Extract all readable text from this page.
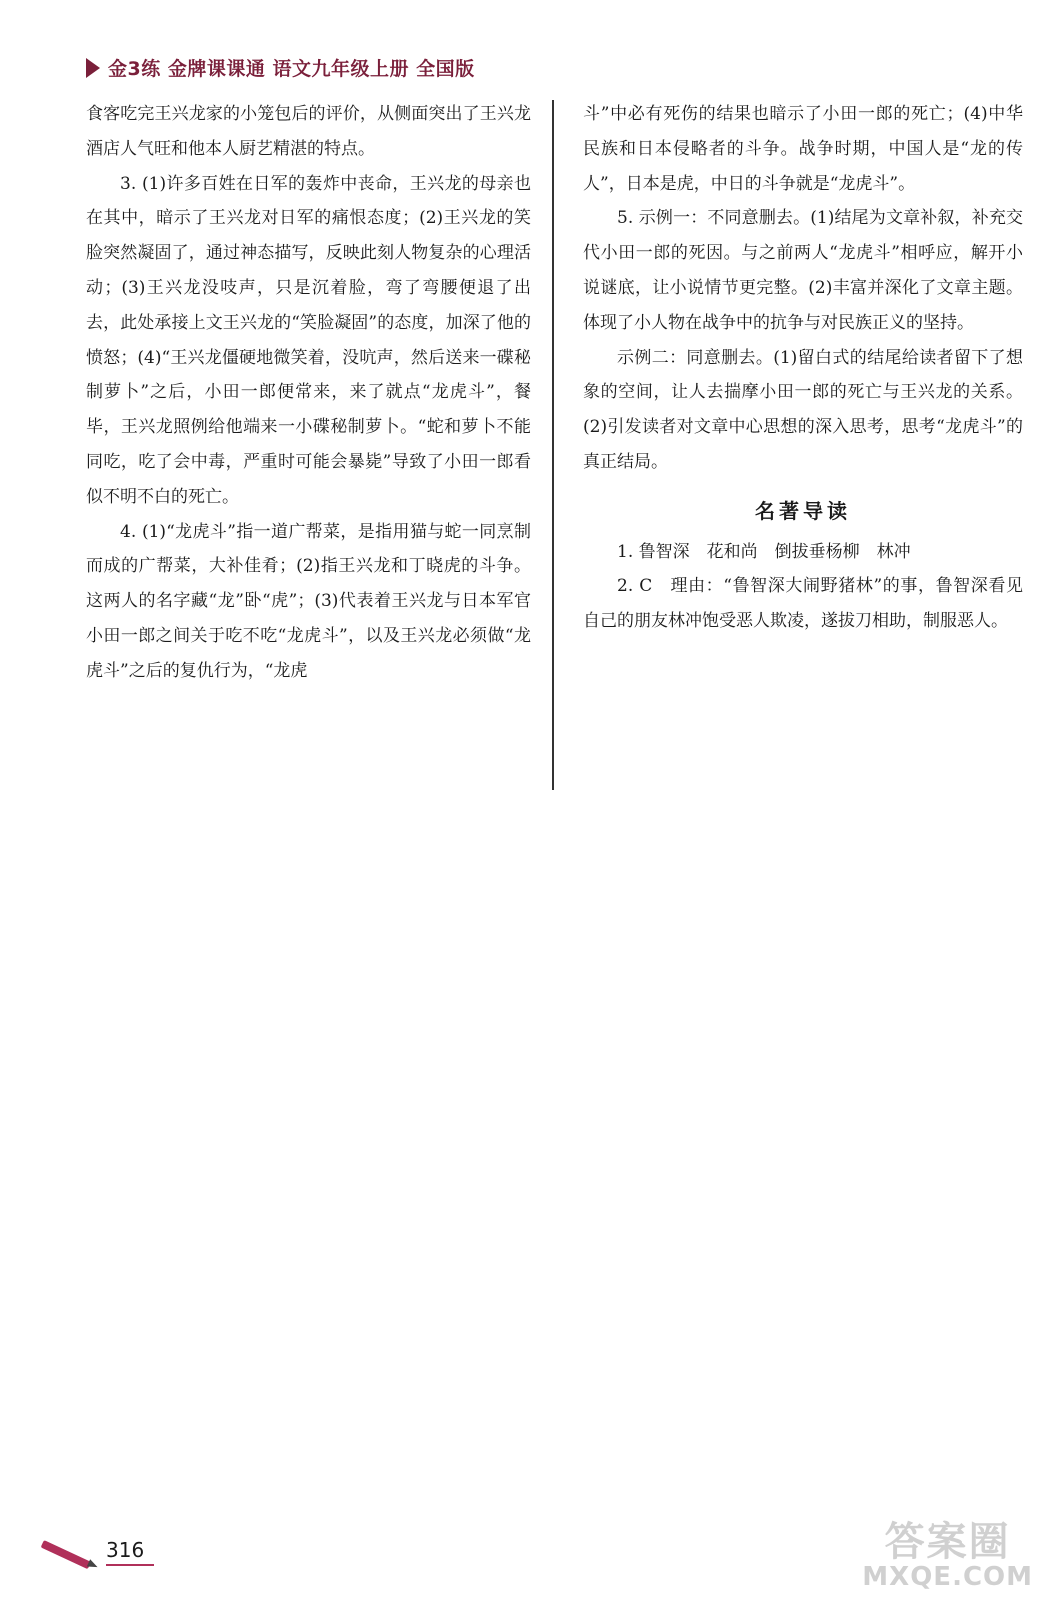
金3练 金牌课课通 语文九年级上册 全国版

食客吃完王兴龙家的小笼包后的评价，从侧面突出了王兴龙酒店人气旺和他本人厨艺精湛的特点。

3. (1)许多百姓在日军的轰炸中丧命，王兴龙的母亲也在其中，暗示了王兴龙对日军的痛恨态度；(2)王兴龙的笑脸突然凝固了，通过神态描写，反映此刻人物复杂的心理活动；(3)王兴龙没吱声，只是沉着脸，弯了弯腰便退了出去，此处承接上文王兴龙的“笑脸凝固”的态度，加深了他的愤怒；(4)“王兴龙僵硬地微笑着，没吭声，然后送来一碟秘制萝卜”之后，小田一郎便常来，来了就点“龙虎斗”，餐毕，王兴龙照例给他端来一小碟秘制萝卜。“蛇和萝卜不能同吃，吃了会中毒，严重时可能会暴毙”导致了小田一郎看似不明不白的死亡。

4. (1)“龙虎斗”指一道广帮菜，是指用猫与蛇一同烹制而成的广帮菜，大补佳肴；(2)指王兴龙和丁晓虎的斗争。这两人的名字藏“龙”卧“虎”；(3)代表着王兴龙与日本军官小田一郎之间关于吃不吃“龙虎斗”，以及王兴龙必须做“龙虎斗”之后的复仇行为，“龙虎

斗”中必有死伤的结果也暗示了小田一郎的死亡；(4)中华民族和日本侵略者的斗争。战争时期，中国人是“龙的传人”，日本是虎，中日的斗争就是“龙虎斗”。

5. 示例一：不同意删去。(1)结尾为文章补叙，补充交代小田一郎的死因。与之前两人“龙虎斗”相呼应，解开小说谜底，让小说情节更完整。(2)丰富并深化了文章主题。体现了小人物在战争中的抗争与对民族正义的坚持。

示例二：同意删去。(1)留白式的结尾给读者留下了想象的空间，让人去揣摩小田一郎的死亡与王兴龙的关系。(2)引发读者对文章中心思想的深入思考，思考“龙虎斗”的真正结局。

名著导读

1. 鲁智深　花和尚　倒拔垂杨柳　林冲

2. C　理由：“鲁智深大闹野猪林”的事，鲁智深看见自己的朋友林冲饱受恶人欺凌，遂拔刀相助，制服恶人。

316	答案圈
MXQE.COM
